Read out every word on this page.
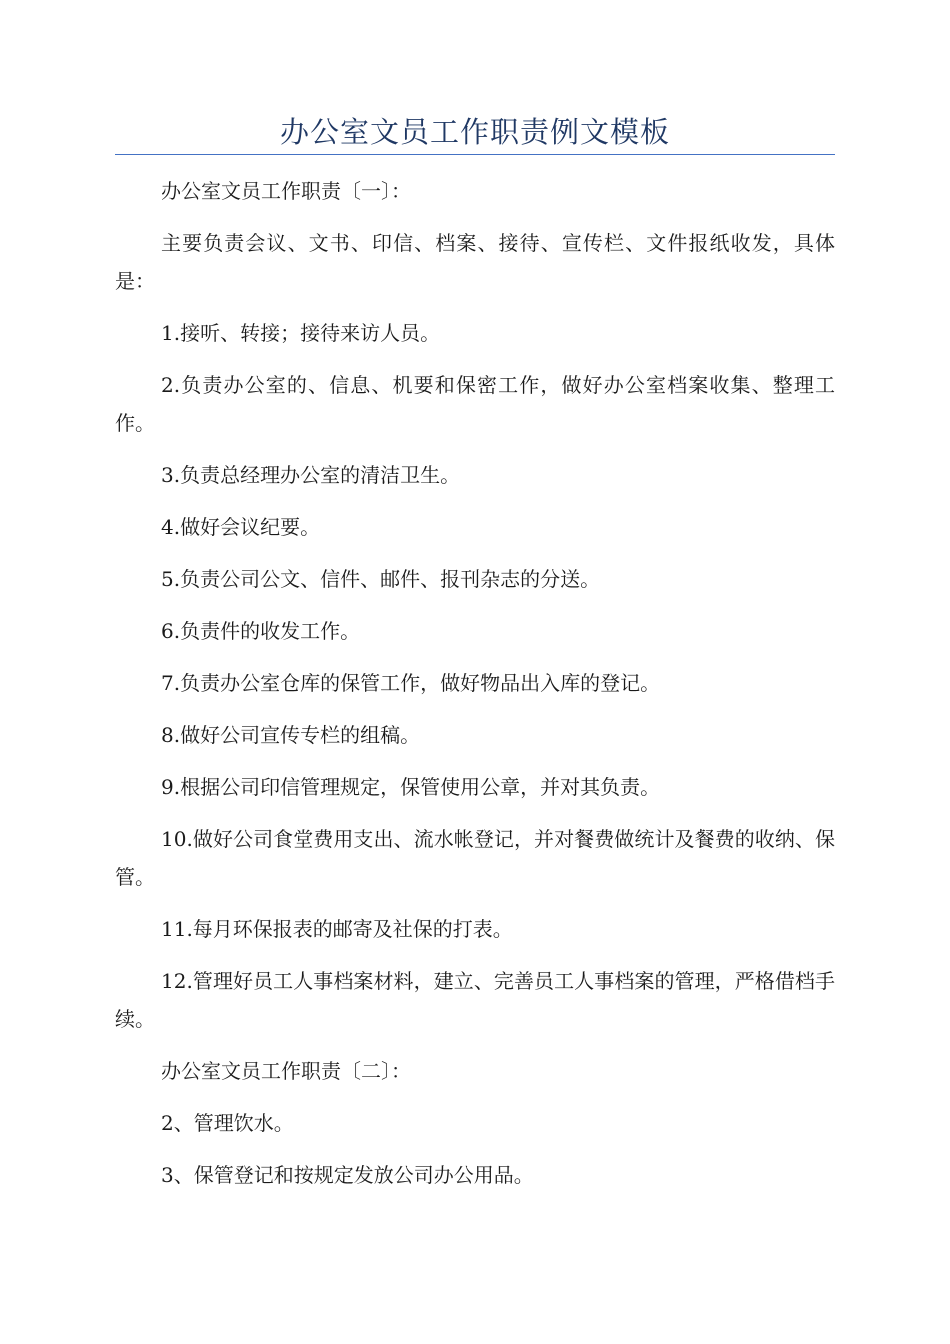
办公室文员工作职责例文模板

办公室文员工作职责〔一〕：

主要负责会议、文书、印信、档案、接待、宣传栏、文件报纸收发，具体是：

1.接听、转接；接待来访人员。

2.负责办公室的、信息、机要和保密工作，做好办公室档案收集、整理工作。

3.负责总经理办公室的清洁卫生。

4.做好会议纪要。

5.负责公司公文、信件、邮件、报刊杂志的分送。

6.负责件的收发工作。

7.负责办公室仓库的保管工作，做好物品出入库的登记。

8.做好公司宣传专栏的组稿。

9.根据公司印信管理规定，保管使用公章，并对其负责。

10.做好公司食堂费用支出、流水帐登记，并对餐费做统计及餐费的收纳、保管。

11.每月环保报表的邮寄及社保的打表。

12.管理好员工人事档案材料，建立、完善员工人事档案的管理，严格借档手续。

办公室文员工作职责〔二〕：

2、管理饮水。

3、保管登记和按规定发放公司办公用品。
